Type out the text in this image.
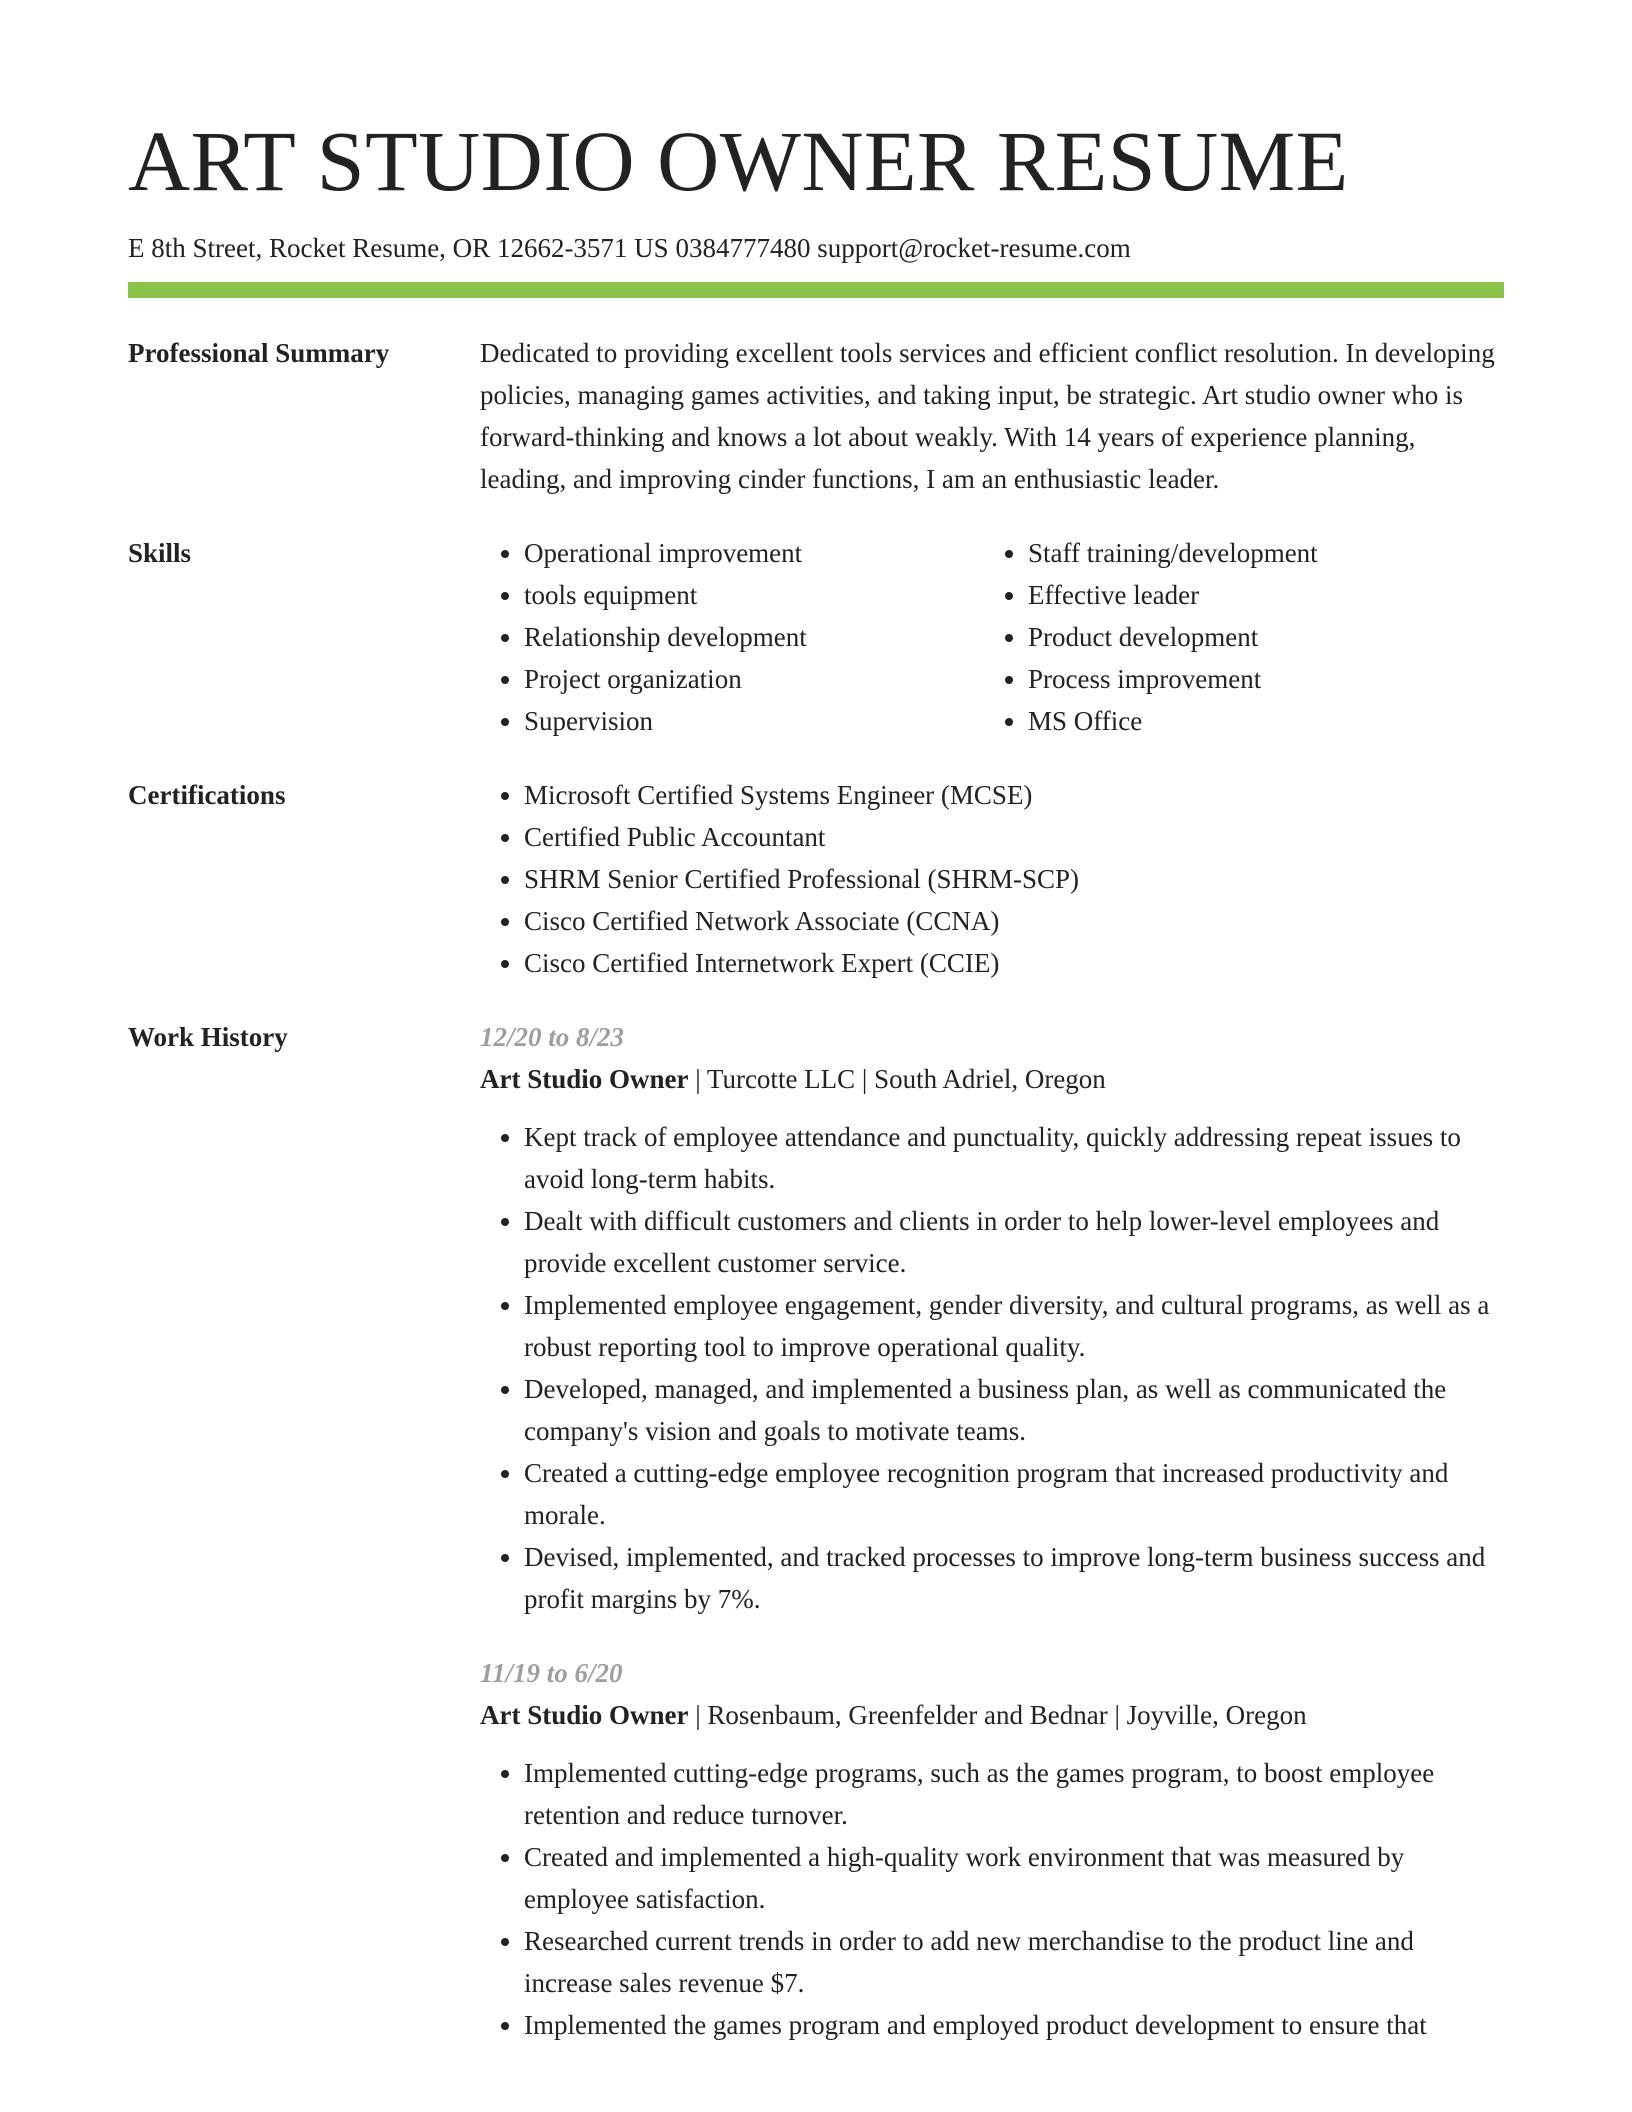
ART STUDIO OWNER RESUME
E 8th Street, Rocket Resume, OR 12662-3571 US 0384777480 support@rocket-resume.com
Professional Summary	Dedicated to providing excellent tools services and efficient conflict resolution. In developing policies, managing games activities, and taking input, be strategic. Art studio owner who is forward-thinking and knows a lot about weakly. With 14 years of experience planning, leading, and improving cinder functions, I am an enthusiastic leader.

Skills	• Operational improvement
• tools equipment
• Relationship development
• Project organization
• Supervision
• Staff training/development
• Effective leader
• Product development
• Process improvement
• MS Office
Certifications	• Microsoft Certified Systems Engineer (MCSE)
• Certified Public Accountant
• SHRM Senior Certified Professional (SHRM-SCP)
• Cisco Certified Network Associate (CCNA)
• Cisco Certified Internetwork Expert (CCIE)
Work History	12/20 to 8/23
Art Studio Owner | Turcotte LLC | South Adriel, Oregon
• Kept track of employee attendance and punctuality, quickly addressing repeat issues to avoid long-term habits.
• Dealt with difficult customers and clients in order to help lower-level employees and provide excellent customer service.
• Implemented employee engagement, gender diversity, and cultural programs, as well as a robust reporting tool to improve operational quality.
• Developed, managed, and implemented a business plan, as well as communicated the company's vision and goals to motivate teams.
• Created a cutting-edge employee recognition program that increased productivity and morale.
• Devised, implemented, and tracked processes to improve long-term business success and profit margins by 7%.
11/19 to 6/20
Art Studio Owner | Rosenbaum, Greenfelder and Bednar | Joyville, Oregon
• Implemented cutting-edge programs, such as the games program, to boost employee retention and reduce turnover.
• Created and implemented a high-quality work environment that was measured by employee satisfaction.
• Researched current trends in order to add new merchandise to the product line and increase sales revenue $7.
• Implemented the games program and employed product development to ensure that
